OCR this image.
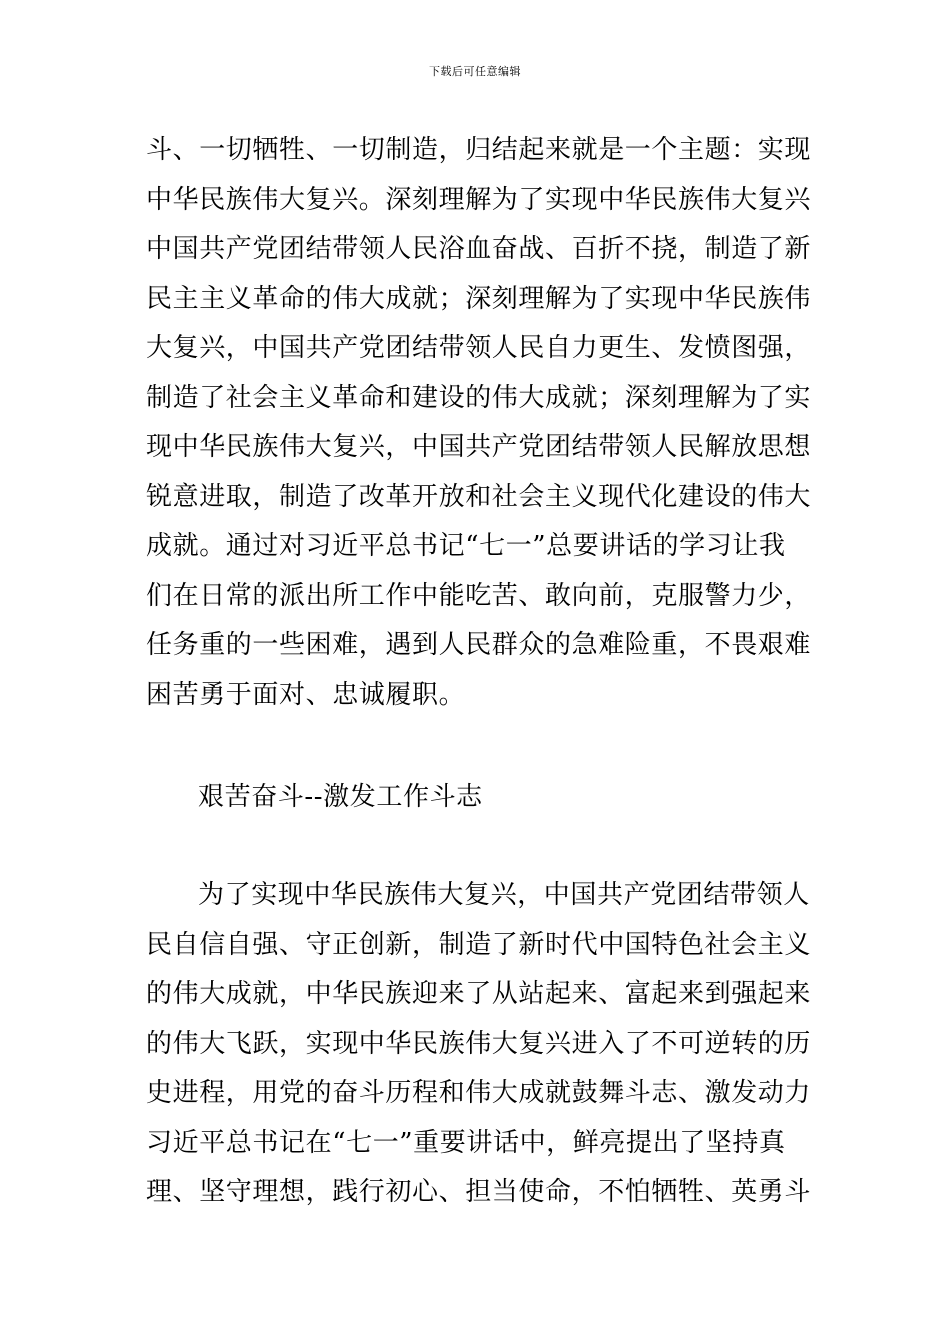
下载后可任意编辑
斗、一切牺牲、一切制造，归结起来就是一个主题：实现
中华民族伟大复兴。深刻理解为了实现中华民族伟大复兴
中国共产党团结带领人民浴血奋战、百折不挠，制造了新
民主主义革命的伟大成就；深刻理解为了实现中华民族伟
大复兴，中国共产党团结带领人民自力更生、发愤图强，
制造了社会主义革命和建设的伟大成就；深刻理解为了实
现中华民族伟大复兴，中国共产党团结带领人民解放思想
锐意进取，制造了改革开放和社会主义现代化建设的伟大
成就。通过对习近平总书记“七一”总要讲话的学习让我
们在日常的派出所工作中能吃苦、敢向前，克服警力少，
任务重的一些困难，遇到人民群众的急难险重，不畏艰难
困苦勇于面对、忠诚履职。
艰苦奋斗--激发工作斗志
为了实现中华民族伟大复兴，中国共产党团结带领人
民自信自强、守正创新，制造了新时代中国特色社会主义
的伟大成就，中华民族迎来了从站起来、富起来到强起来
的伟大飞跃，实现中华民族伟大复兴进入了不可逆转的历
史进程，用党的奋斗历程和伟大成就鼓舞斗志、激发动力
习近平总书记在“七一”重要讲话中，鲜亮提出了坚持真
理、坚守理想，践行初心、担当使命，不怕牺牲、英勇斗
